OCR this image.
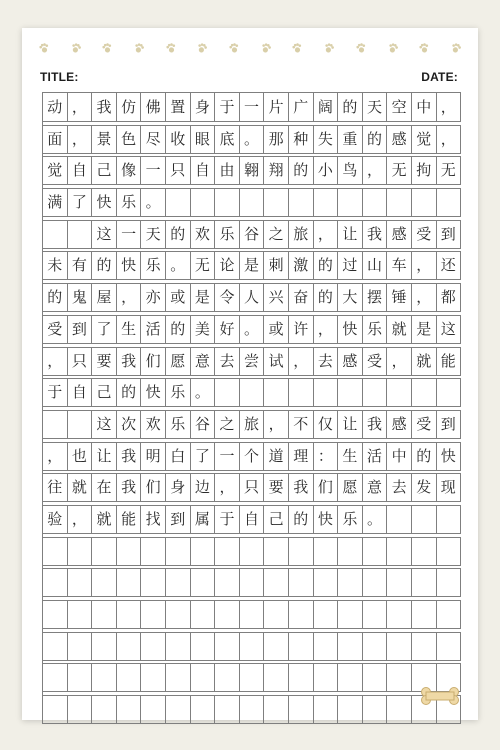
TITLE:	DATE:
动 ， 我 仿 佛 置 身 于 一 片 广 阔 的 天 空 中 ，
面 ， 景 色 尽 收 眼 底 。 那 种 失 重 的 感 觉 ，
觉 自 己 像 一 只 自 由 翱 翔 的 小 鸟 ， 无 拘 无
满 了 快 乐 。
这 一 天 的 欢 乐 谷 之 旅 ， 让 我 感 受 到
未 有 的 快 乐 。 无 论 是 刺 激 的 过 山 车 ， 还
的 鬼 屋 ， 亦 或 是 令 人 兴 奋 的 大 摆 锤 ， 都
受 到 了 生 活 的 美 好 。 或 许 ， 快 乐 就 是 这
， 只 要 我 们 愿 意 去 尝 试 ， 去 感 受 ， 就 能
于 自 己 的 快 乐 。
这 次 欢 乐 谷 之 旅 ， 不 仅 让 我 感 受 到
， 也 让 我 明 白 了 一 个 道 理 ： 生 活 中 的 快
往 就 在 我 们 身 边 ， 只 要 我 们 愿 意 去 发 现
验 ， 就 能 找 到 属 于 自 己 的 快 乐 。
